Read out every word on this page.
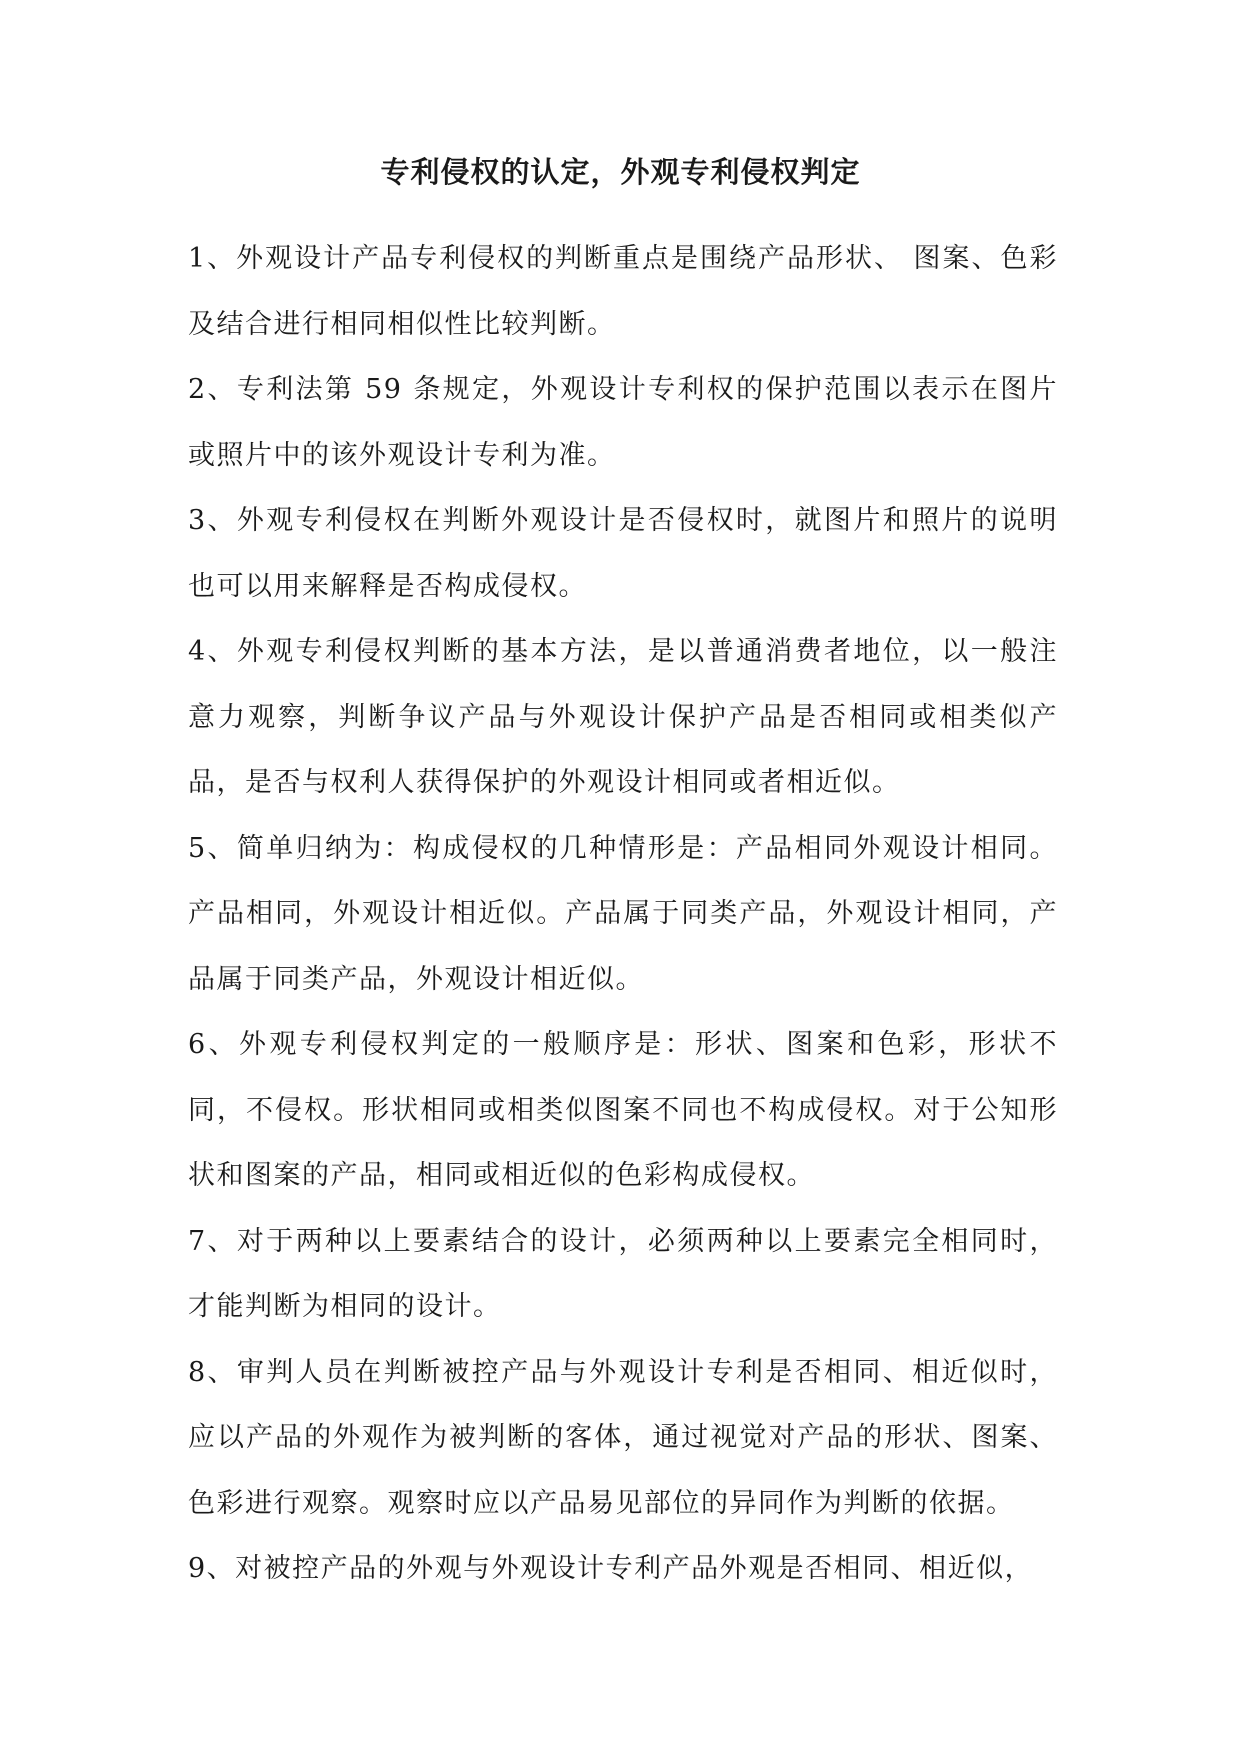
专利侵权的认定，外观专利侵权判定

1、外观设计产品专利侵权的判断重点是围绕产品形状、 图案、色彩及结合进行相同相似性比较判断。

2、专利法第 59 条规定，外观设计专利权的保护范围以表示在图片或照片中的该外观设计专利为准。

3、外观专利侵权在判断外观设计是否侵权时，就图片和照片的说明也可以用来解释是否构成侵权。

4、外观专利侵权判断的基本方法，是以普通消费者地位，以一般注意力观察，判断争议产品与外观设计保护产品是否相同或相类似产品，是否与权利人获得保护的外观设计相同或者相近似。

5、简单归纳为：构成侵权的几种情形是：产品相同外观设计相同。产品相同，外观设计相近似。产品属于同类产品，外观设计相同，产品属于同类产品，外观设计相近似。

6、外观专利侵权判定的一般顺序是：形状、图案和色彩，形状不同，不侵权。形状相同或相类似图案不同也不构成侵权。对于公知形状和图案的产品，相同或相近似的色彩构成侵权。

7、对于两种以上要素结合的设计，必须两种以上要素完全相同时，才能判断为相同的设计。

8、审判人员在判断被控产品与外观设计专利是否相同、相近似时，应以产品的外观作为被判断的客体，通过视觉对产品的形状、图案、色彩进行观察。观察时应以产品易见部位的异同作为判断的依据。

9、对被控产品的外观与外观设计专利产品外观是否相同、相近似，
